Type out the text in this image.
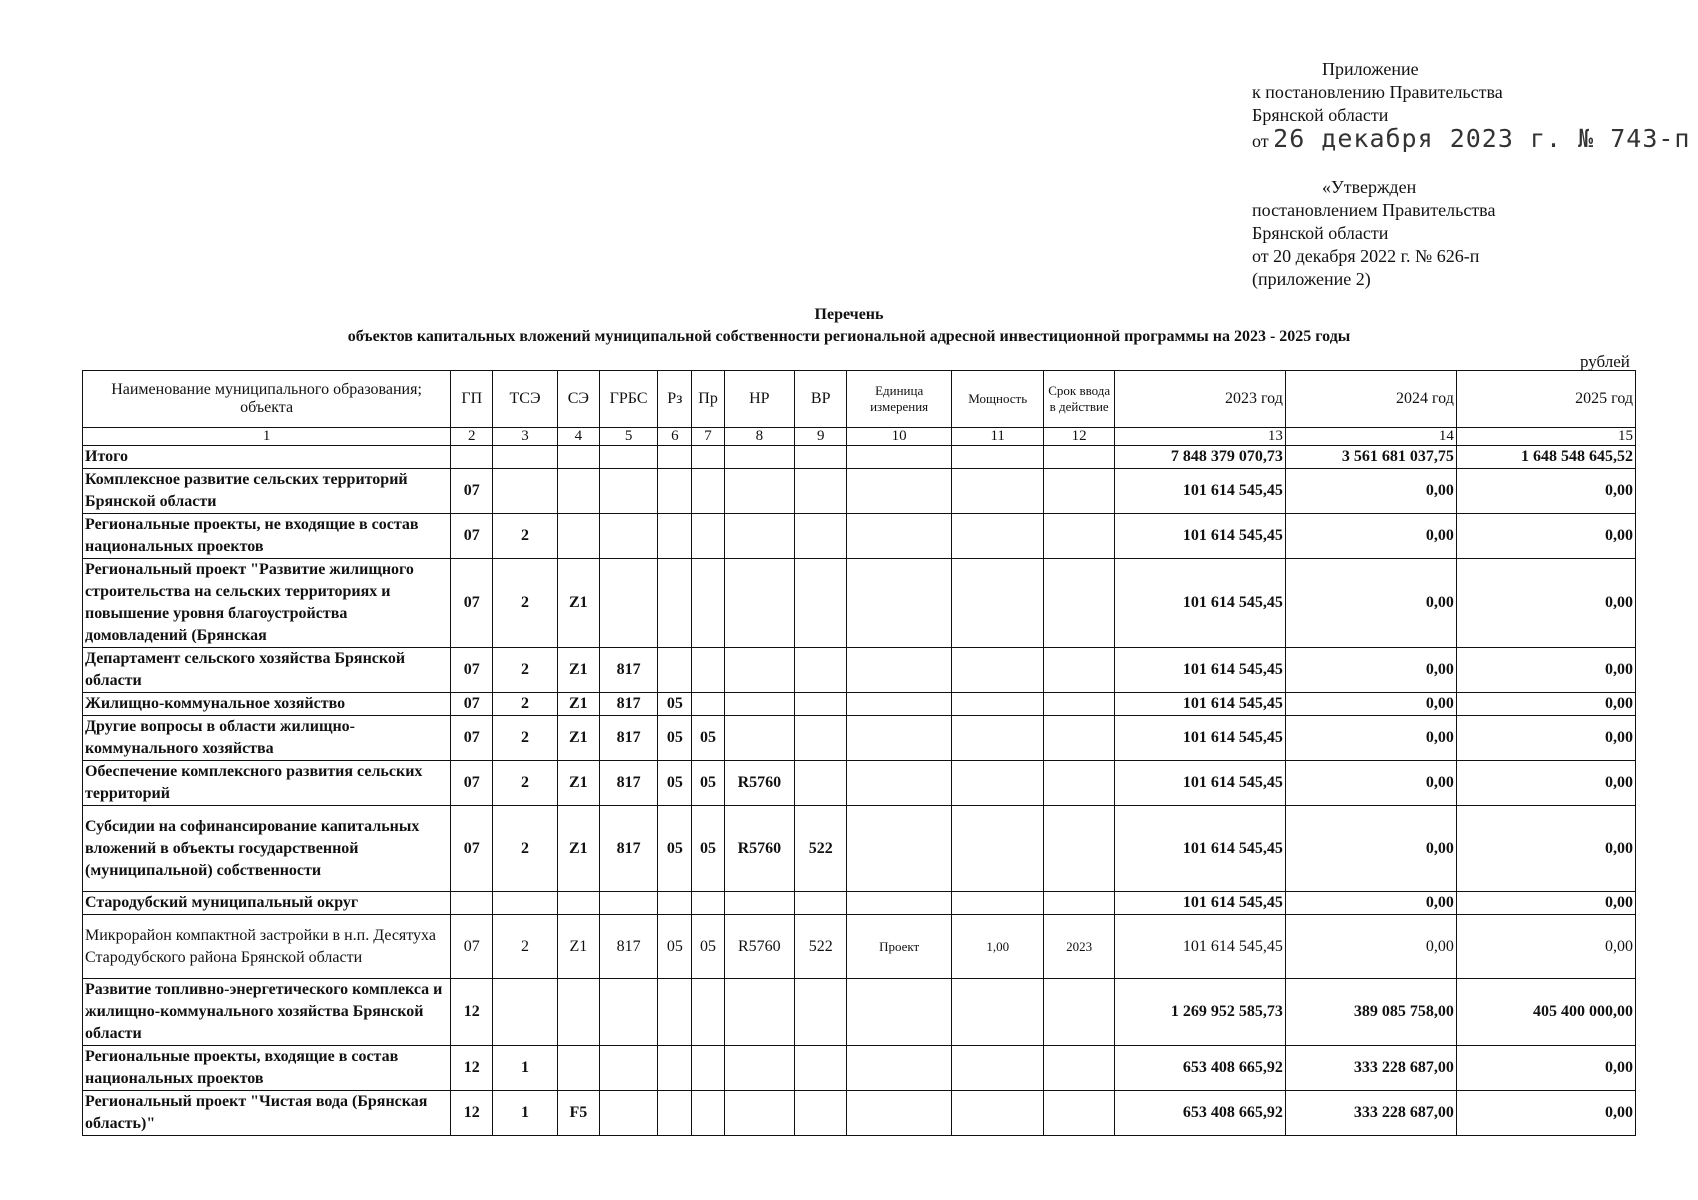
Приложение
к постановлению Правительства
Брянской области
от 26 декабря 2023 г. № 743-п
«Утвержден
постановлением Правительства
Брянской области
от 20 декабря 2022 г. № 626-п
(приложение 2)
Перечень
объектов капитальных вложений муниципальной собственности региональной адресной инвестиционной программы на 2023 - 2025 годы
рублей
Наименование муниципального образования; объекта	ГП	ТСЭ	СЭ	ГРБС	Рз	Пр	НР	ВР	Единица измерения	Мощность	Срок ввода в действие	2023 год	2024 год	2025 год
1	2	3	4	5	6	7	8	9	10	11	12	13	14	15
Итого												7 848 379 070,73	3 561 681 037,75	1 648 548 645,52
Комплексное развитие сельских территорий Брянской области	07											101 614 545,45	0,00	0,00
Региональные проекты, не входящие в состав национальных проектов	07	2										101 614 545,45	0,00	0,00
Региональный проект "Развитие жилищного строительства на сельских территориях и повышение уровня благоустройства домовладений (Брянская	07	2	Z1									101 614 545,45	0,00	0,00
Департамент сельского хозяйства Брянской области	07	2	Z1	817								101 614 545,45	0,00	0,00
Жилищно-коммунальное хозяйство	07	2	Z1	817	05							101 614 545,45	0,00	0,00
Другие вопросы в области жилищно-коммунального хозяйства	07	2	Z1	817	05	05						101 614 545,45	0,00	0,00
Обеспечение комплексного развития сельских территорий	07	2	Z1	817	05	05	R5760					101 614 545,45	0,00	0,00
Субсидии на софинансирование капитальных вложений в объекты государственной (муниципальной) собственности	07	2	Z1	817	05	05	R5760	522				101 614 545,45	0,00	0,00
Стародубский муниципальный округ												101 614 545,45	0,00	0,00
Микрорайон компактной застройки в н.п. Десятуха Стародубского района Брянской области	07	2	Z1	817	05	05	R5760	522	Проект	1,00	2023	101 614 545,45	0,00	0,00
Развитие топливно-энергетического комплекса и жилищно-коммунального хозяйства Брянской области	12											1 269 952 585,73	389 085 758,00	405 400 000,00
Региональные проекты, входящие в состав национальных проектов	12	1										653 408 665,92	333 228 687,00	0,00
Региональный проект "Чистая вода (Брянская область)"	12	1	F5									653 408 665,92	333 228 687,00	0,00
